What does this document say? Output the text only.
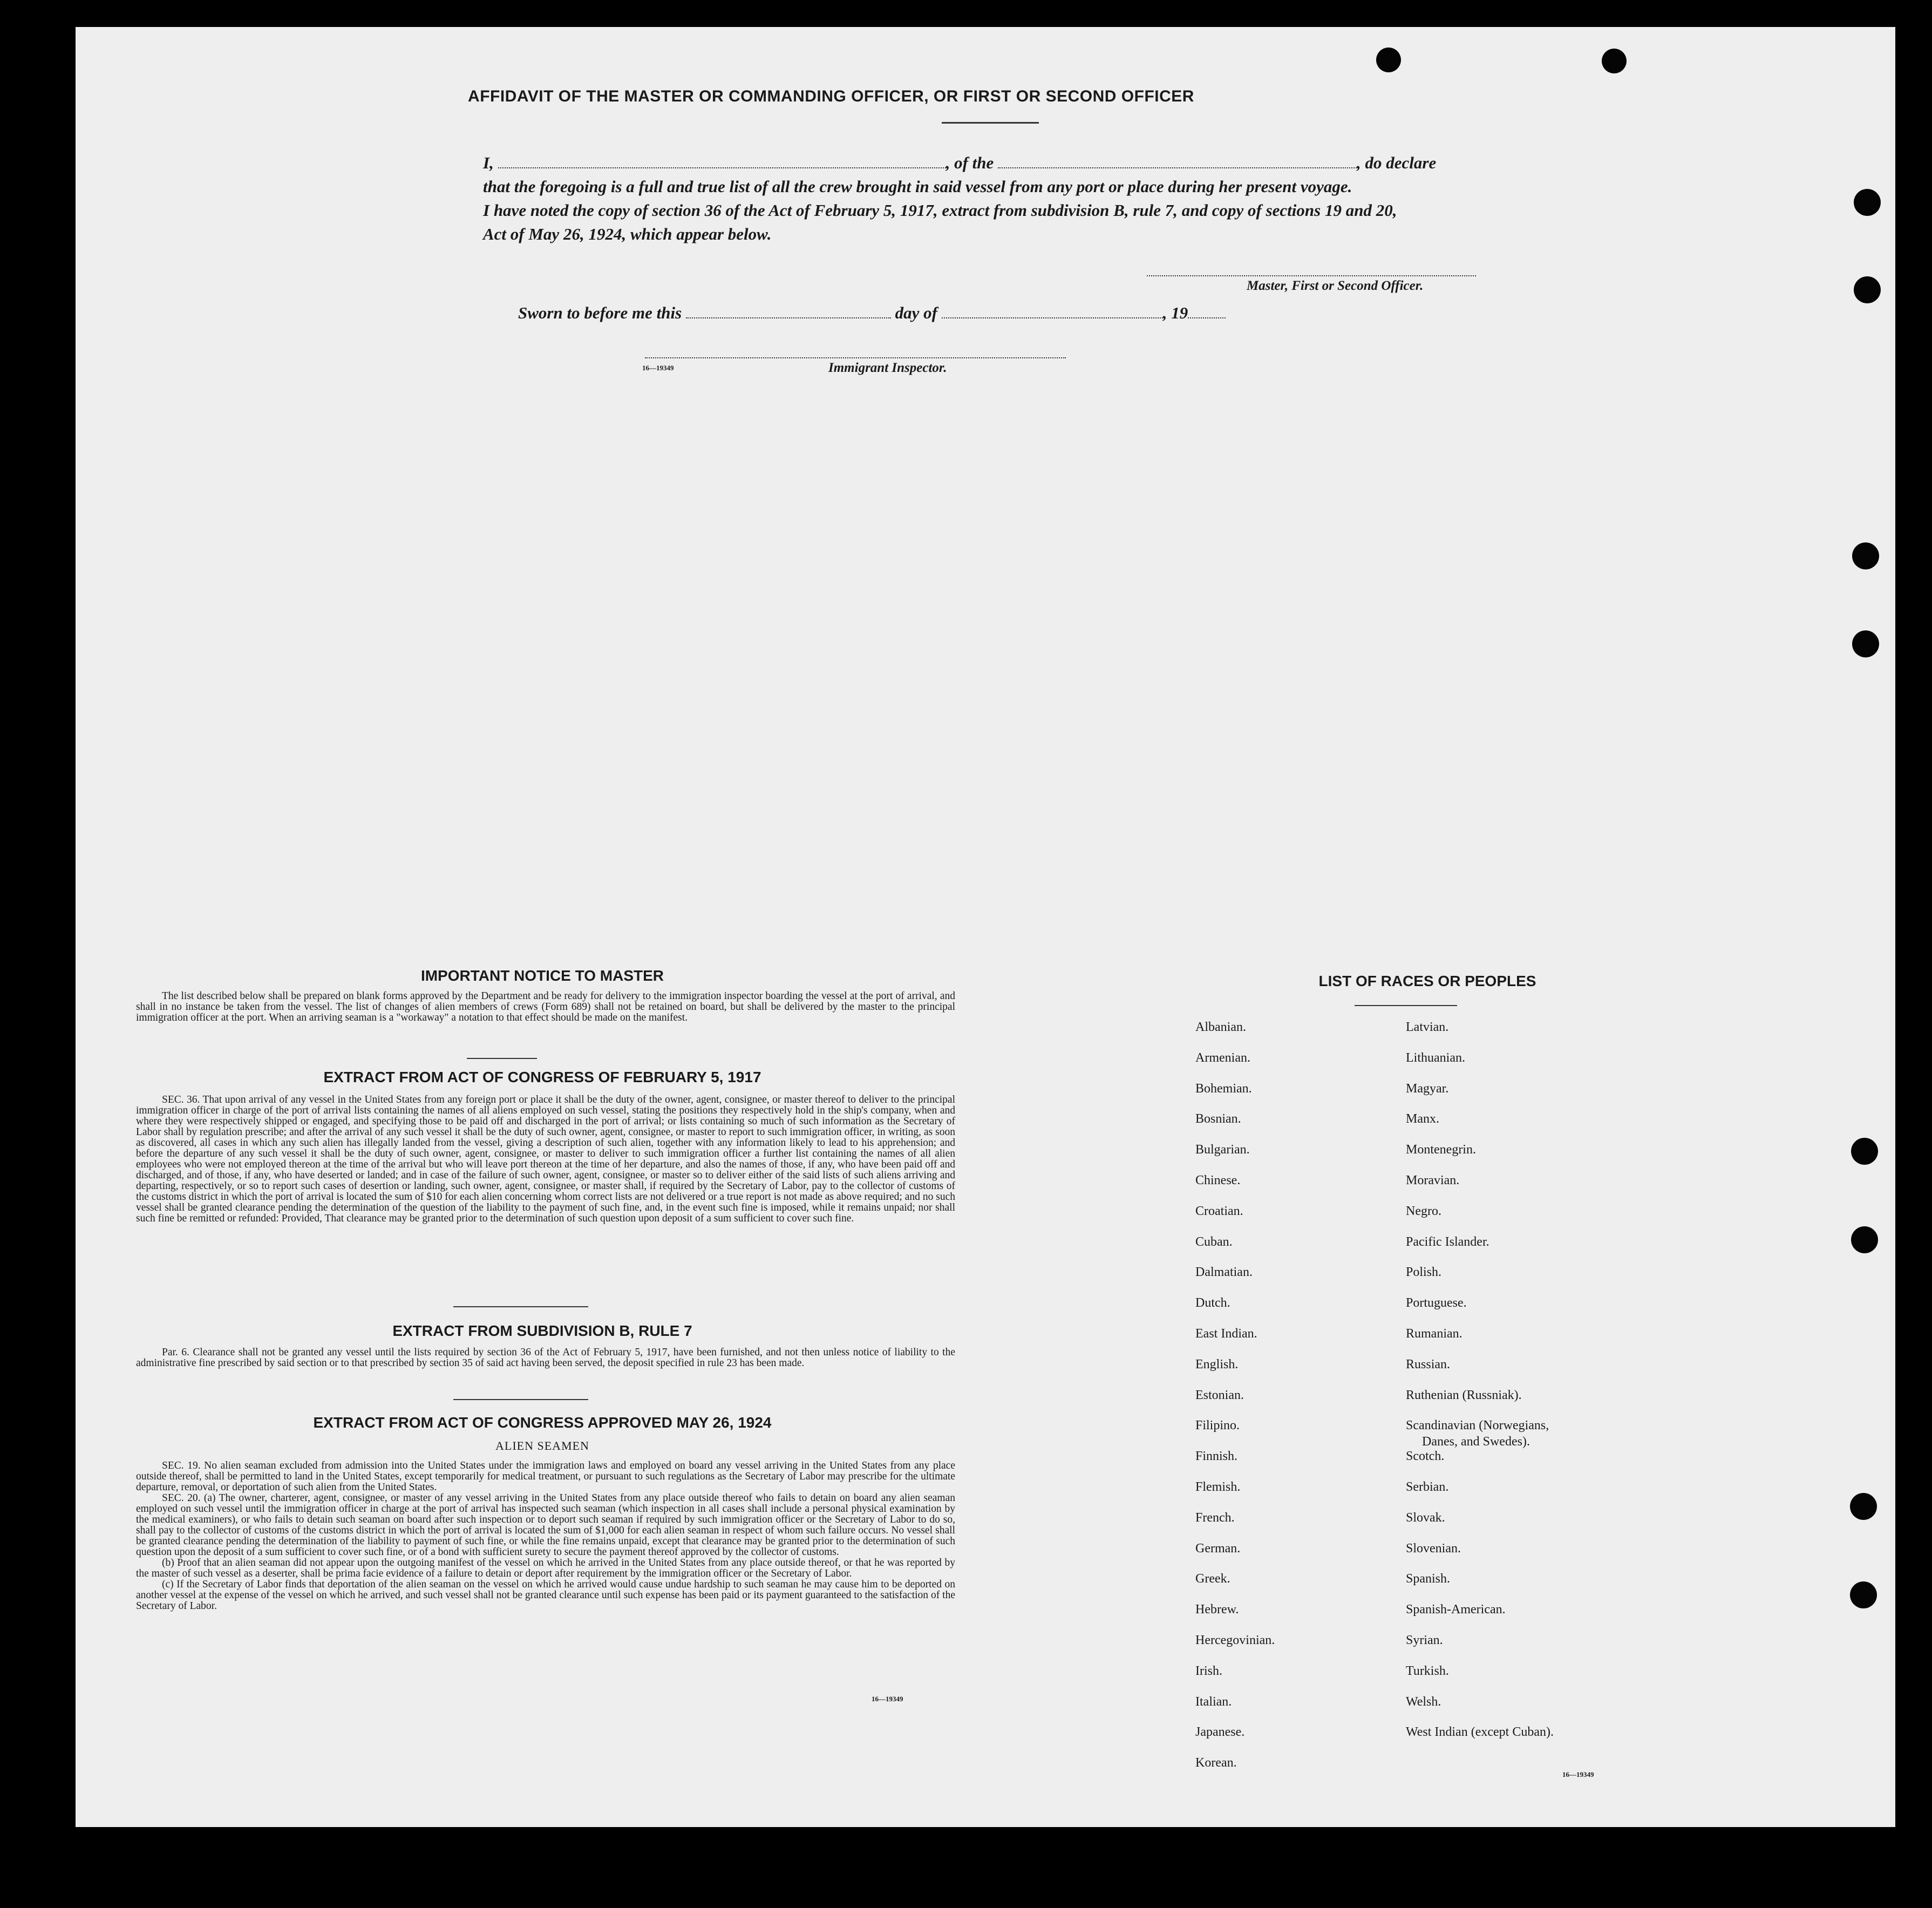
AFFIDAVIT OF THE MASTER OR COMMANDING OFFICER, OR FIRST OR SECOND OFFICER
I,	, of the	, do declare
that the foregoing is a full and true list of all the crew brought in said vessel from any port or place during her present voyage.
I have noted the copy of section 36 of the Act of February 5, 1917, extract from subdivision B, rule 7, and copy of sections 19 and 20,
Act of May 26, 1924, which appear below.
Master, First or Second Officer.
Sworn to before me this	day of	, 19
16—19349	Immigrant Inspector.
IMPORTANT NOTICE TO MASTER

The list described below shall be prepared on blank forms approved by the Department and be ready for delivery to the immigration inspector boarding the vessel at the port of arrival, and shall in no instance be taken from the vessel. The list of changes of alien members of crews (Form 689) shall not be retained on board, but shall be delivered by the master to the principal immigration officer at the port. When an arriving seaman is a "workaway" a notation to that effect should be made on the manifest.

EXTRACT FROM ACT OF CONGRESS OF FEBRUARY 5, 1917

SEC. 36. That upon arrival of any vessel in the United States from any foreign port or place it shall be the duty of the owner, agent, consignee, or master thereof to deliver to the principal immigration officer in charge of the port of arrival lists containing the names of all aliens employed on such vessel, stating the positions they respectively hold in the ship's company, when and where they were respectively shipped or engaged, and specifying those to be paid off and discharged in the port of arrival; or lists containing so much of such information as the Secretary of Labor shall by regulation prescribe; and after the arrival of any such vessel it shall be the duty of such owner, agent, consignee, or master to report to such immigration officer, in writing, as soon as discovered, all cases in which any such alien has illegally landed from the vessel, giving a description of such alien, together with any information likely to lead to his apprehension; and before the departure of any such vessel it shall be the duty of such owner, agent, consignee, or master to deliver to such immigration officer a further list containing the names of all alien employees who were not employed thereon at the time of the arrival but who will leave port thereon at the time of her departure, and also the names of those, if any, who have been paid off and discharged, and of those, if any, who have deserted or landed; and in case of the failure of such owner, agent, consignee, or master so to deliver either of the said lists of such aliens arriving and departing, respectively, or so to report such cases of desertion or landing, such owner, agent, consignee, or master shall, if required by the Secretary of Labor, pay to the collector of customs of the customs district in which the port of arrival is located the sum of $10 for each alien concerning whom correct lists are not delivered or a true report is not made as above required; and no such vessel shall be granted clearance pending the determination of the question of the liability to the payment of such fine, and, in the event such fine is imposed, while it remains unpaid; nor shall such fine be remitted or refunded: Provided, That clearance may be granted prior to the determination of such question upon deposit of a sum sufficient to cover such fine.

EXTRACT FROM SUBDIVISION B, RULE 7

Par. 6. Clearance shall not be granted any vessel until the lists required by section 36 of the Act of February 5, 1917, have been furnished, and not then unless notice of liability to the administrative fine prescribed by said section or to that prescribed by section 35 of said act having been served, the deposit specified in rule 23 has been made.

EXTRACT FROM ACT OF CONGRESS APPROVED MAY 26, 1924
ALIEN SEAMEN

SEC. 19. No alien seaman excluded from admission into the United States under the immigration laws and employed on board any vessel arriving in the United States from any place outside thereof, shall be permitted to land in the United States, except temporarily for medical treatment, or pursuant to such regulations as the Secretary of Labor may prescribe for the ultimate departure, removal, or deportation of such alien from the United States.

SEC. 20. (a) The owner, charterer, agent, consignee, or master of any vessel arriving in the United States from any place outside thereof who fails to detain on board any alien seaman employed on such vessel until the immigration officer in charge at the port of arrival has inspected such seaman (which inspection in all cases shall include a personal physical examination by the medical examiners), or who fails to detain such seaman on board after such inspection or to deport such seaman if required by such immigration officer or the Secretary of Labor to do so, shall pay to the collector of customs of the customs district in which the port of arrival is located the sum of $1,000 for each alien seaman in respect of whom such failure occurs. No vessel shall be granted clearance pending the determination of the liability to payment of such fine, or while the fine remains unpaid, except that clearance may be granted prior to the determination of such question upon the deposit of a sum sufficient to cover such fine, or of a bond with sufficient surety to secure the payment thereof approved by the collector of customs.

(b) Proof that an alien seaman did not appear upon the outgoing manifest of the vessel on which he arrived in the United States from any place outside thereof, or that he was reported by the master of such vessel as a deserter, shall be prima facie evidence of a failure to detain or deport after requirement by the immigration officer or the Secretary of Labor.

(c) If the Secretary of Labor finds that deportation of the alien seaman on the vessel on which he arrived would cause undue hardship to such seaman he may cause him to be deported on another vessel at the expense of the vessel on which he arrived, and such vessel shall not be granted clearance until such expense has been paid or its payment guaranteed to the satisfaction of the Secretary of Labor.

16—19349
LIST OF RACES OR PEOPLES
Albanian.
Armenian.
Bohemian.
Bosnian.
Bulgarian.
Chinese.
Croatian.
Cuban.
Dalmatian.
Dutch.
East Indian.
English.
Estonian.
Filipino.
Finnish.
Flemish.
French.
German.
Greek.
Hebrew.
Hercegovinian.
Irish.
Italian.
Japanese.
Korean.
Latvian.
Lithuanian.
Magyar.
Manx.
Montenegrin.
Moravian.
Negro.
Pacific Islander.
Polish.
Portuguese.
Rumanian.
Russian.
Ruthenian (Russniak).
Scandinavian (Norwegians,
Danes, and Swedes).
Scotch.
Serbian.
Slovak.
Slovenian.
Spanish.
Spanish-American.
Syrian.
Turkish.
Welsh.
West Indian (except Cuban).
16—19349
